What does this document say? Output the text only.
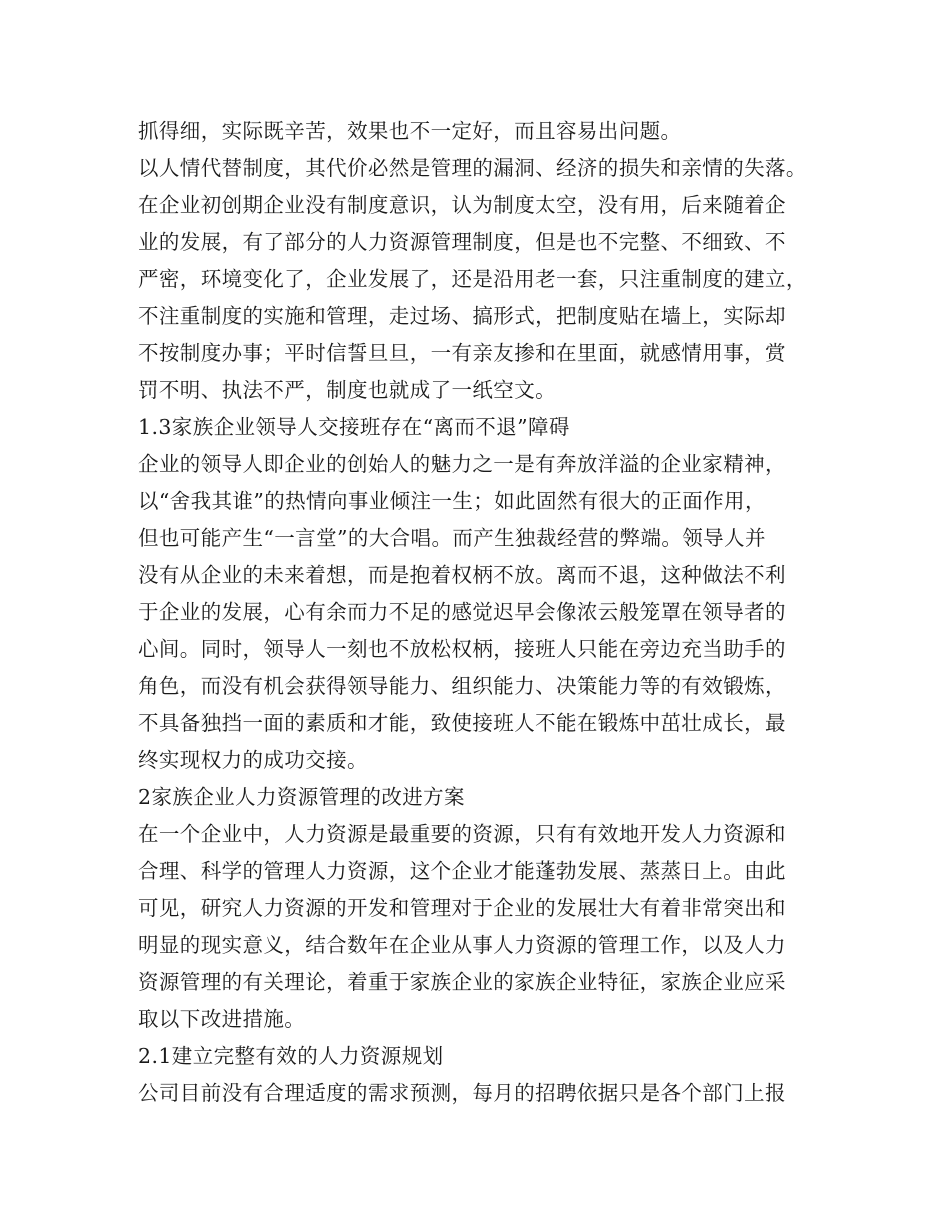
抓得细，实际既辛苦，效果也不一定好，而且容易出问题。
以人情代替制度，其代价必然是管理的漏洞、经济的损失和亲情的失落。
在企业初创期企业没有制度意识，认为制度太空，没有用，后来随着企
业的发展，有了部分的人力资源管理制度，但是也不完整、不细致、不
严密，环境变化了，企业发展了，还是沿用老一套，只注重制度的建立，
不注重制度的实施和管理，走过场、搞形式，把制度贴在墙上，实际却
不按制度办事；平时信誓旦旦，一有亲友掺和在里面，就感情用事，赏
罚不明、执法不严，制度也就成了一纸空文。
1.3家族企业领导人交接班存在“离而不退”障碍
企业的领导人即企业的创始人的魅力之一是有奔放洋溢的企业家精神，
以“舍我其谁”的热情向事业倾注一生；如此固然有很大的正面作用，
但也可能产生“一言堂”的大合唱。而产生独裁经营的弊端。领导人并
没有从企业的未来着想，而是抱着权柄不放。离而不退，这种做法不利
于企业的发展，心有余而力不足的感觉迟早会像浓云般笼罩在领导者的
心间。同时，领导人一刻也不放松权柄，接班人只能在旁边充当助手的
角色，而没有机会获得领导能力、组织能力、决策能力等的有效锻炼，
不具备独挡一面的素质和才能，致使接班人不能在锻炼中茁壮成长，最
终实现权力的成功交接。
2家族企业人力资源管理的改进方案
在一个企业中，人力资源是最重要的资源，只有有效地开发人力资源和
合理、科学的管理人力资源，这个企业才能蓬勃发展、蒸蒸日上。由此
可见，研究人力资源的开发和管理对于企业的发展壮大有着非常突出和
明显的现实意义，结合数年在企业从事人力资源的管理工作，以及人力
资源管理的有关理论，着重于家族企业的家族企业特征，家族企业应采
取以下改进措施。
2.1建立完整有效的人力资源规划
公司目前没有合理适度的需求预测，每月的招聘依据只是各个部门上报
